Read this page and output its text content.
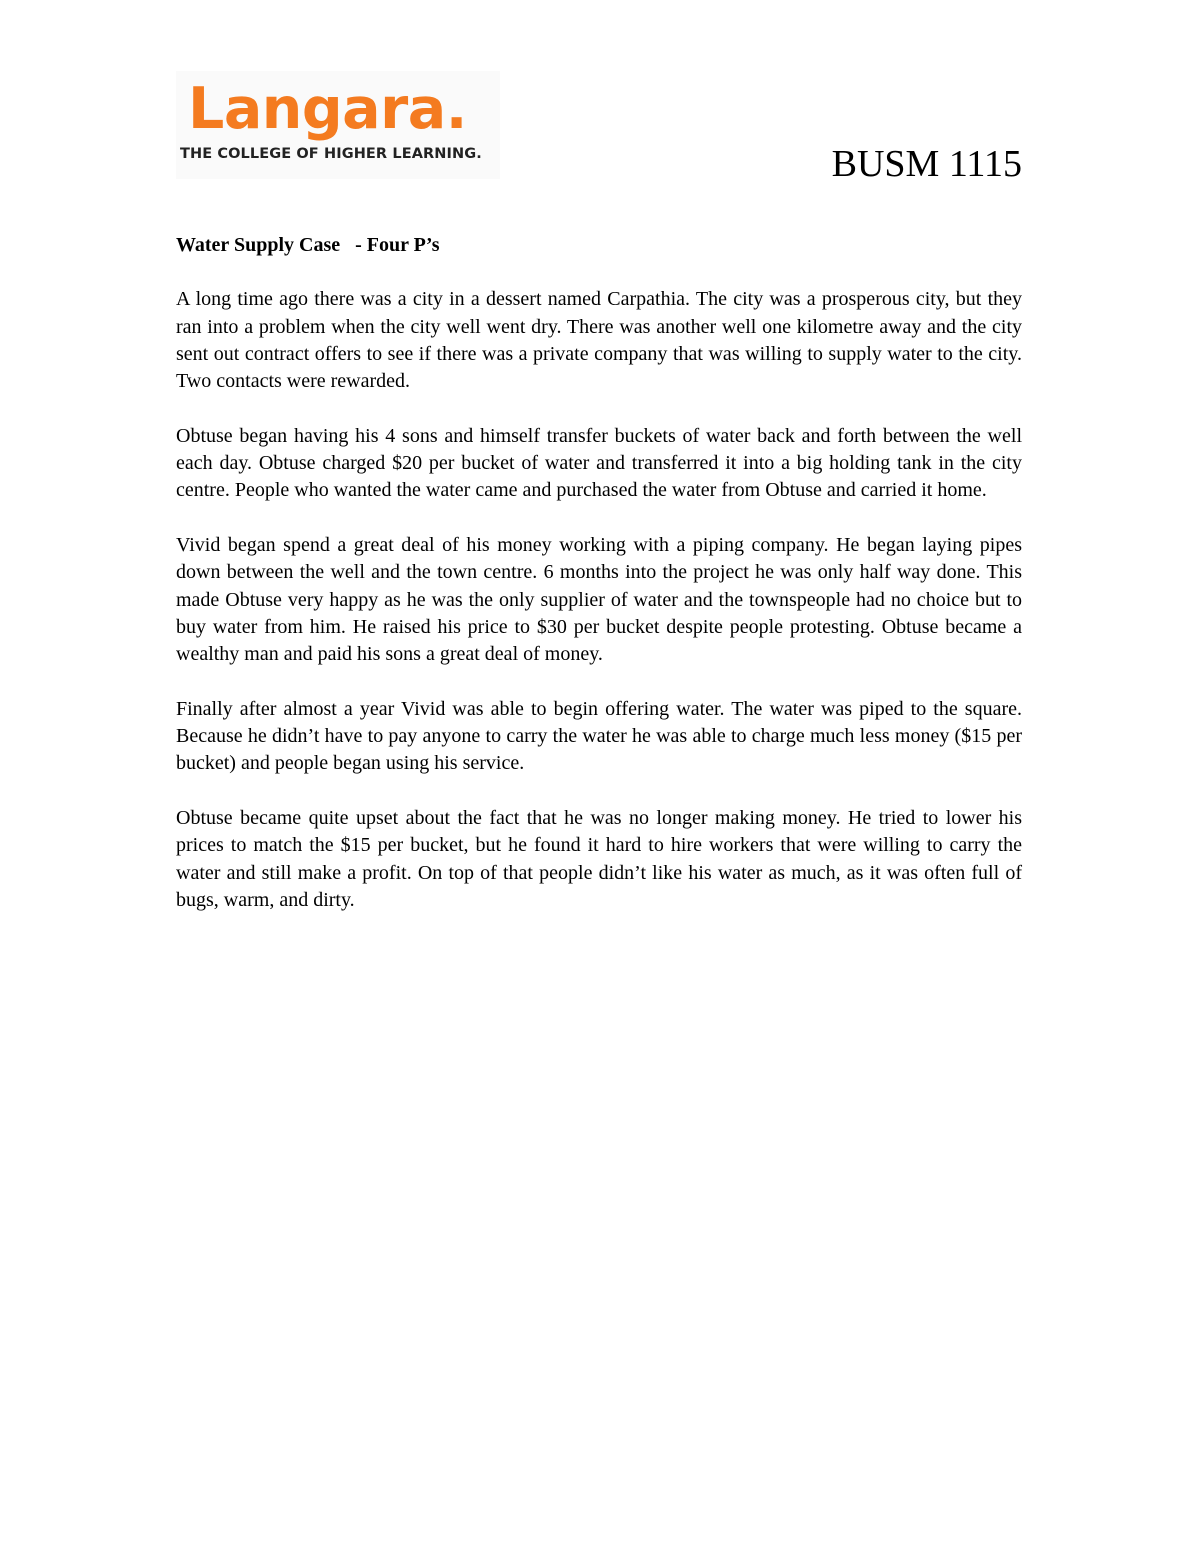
Langara.
THE COLLEGE OF HIGHER LEARNING.	BUSM 1115
Water Supply Case   - Four P’s

A long time ago there was a city in a dessert named Carpathia. The city was a prosperous city, but they ran into a problem when the city well went dry. There was another well one kilometre away and the city sent out contract offers to see if there was a private company that was willing to supply water to the city. Two contacts were rewarded.

Obtuse began having his 4 sons and himself transfer buckets of water back and forth between the well each day. Obtuse charged $20 per bucket of water and transferred it into a big holding tank in the city centre. People who wanted the water came and purchased the water from Obtuse and carried it home.

Vivid began spend a great deal of his money working with a piping company. He began laying pipes down between the well and the town centre. 6 months into the project he was only half way done. This made Obtuse very happy as he was the only supplier of water and the townspeople had no choice but to buy water from him. He raised his price to $30 per bucket despite people protesting. Obtuse became a wealthy man and paid his sons a great deal of money.

Finally after almost a year Vivid was able to begin offering water. The water was piped to the square. Because he didn’t have to pay anyone to carry the water he was able to charge much less money ($15 per bucket) and people began using his service.

Obtuse became quite upset about the fact that he was no longer making money. He tried to lower his prices to match the $15 per bucket, but he found it hard to hire workers that were willing to carry the water and still make a profit. On top of that people didn’t like his water as much, as it was often full of bugs, warm, and dirty.
